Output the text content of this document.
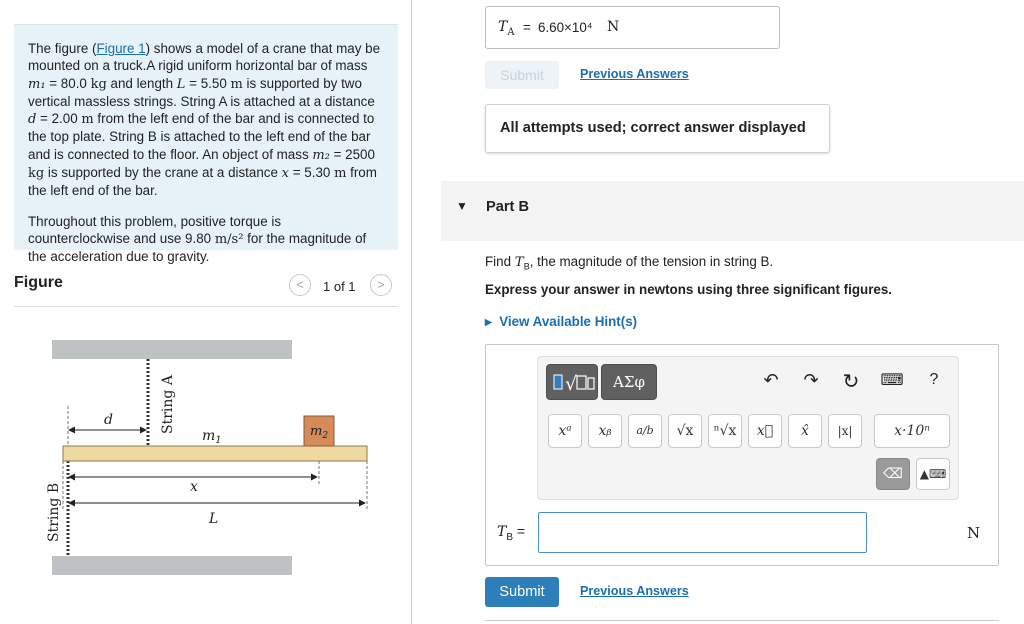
The figure (Figure 1) shows a model of a crane that may be mounted on a truck.A rigid uniform horizontal bar of mass m₁ = 80.0 kg and length L = 5.50 m is supported by two vertical massless strings. String A is attached at a distance d = 2.00 m from the left end of the bar and is connected to the top plate. String B is attached to the left end of the bar and is connected to the floor. An object of mass m₂ = 2500 kg is supported by the crane at a distance x = 5.30 m from the left end of the bar.

Throughout this problem, positive torque is counterclockwise and use 9.80 m/s² for the magnitude of the acceleration due to gravity.

Figure	<	1 of 1	>
d	String A
String B
$m_1$
$m_2$
x
L
$T_A = 6.60\times 10^4$ N
Submit	Previous Answers
All attempts used; correct answer displayed
▼ Part B
Find $T_B$, the magnitude of the tension in string B.
Express your answer in newtons using three significant figures.
▸ View Available Hint(s)
√	ΑΣφ	↶ ↷ ↻ ⌨	?
xᵃ	xᵦ	a/b	√x	ⁿ√x	x⃗	x̂	|x|	x·10ⁿ
⌫	▲⌨
$T_B$ =	N
Submit	Previous Answers
